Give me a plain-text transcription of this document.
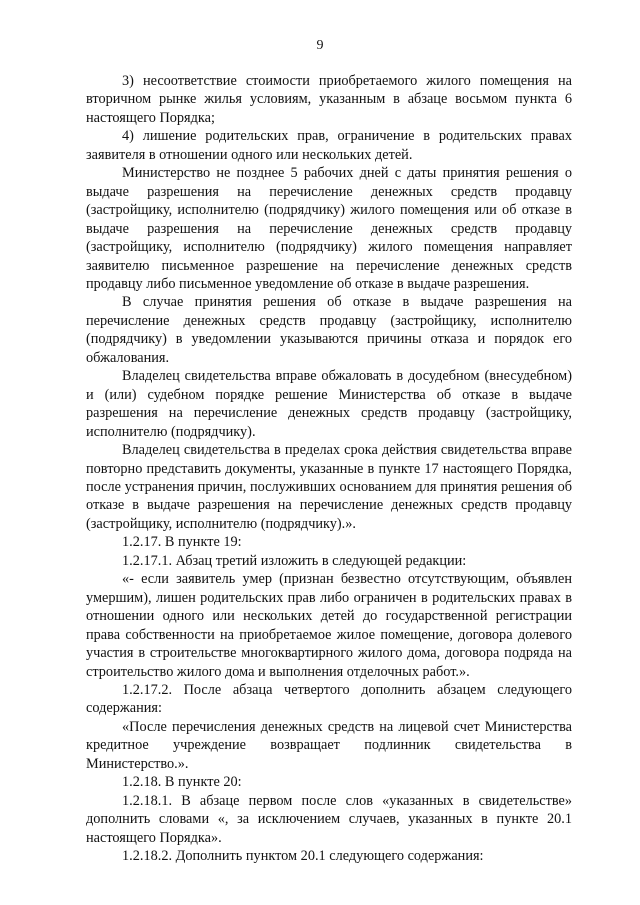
9

3) несоответствие стоимости приобретаемого жилого помещения на вторичном рынке жилья условиям, указанным в абзаце восьмом пункта 6 настоящего Порядка;

4) лишение родительских прав, ограничение в родительских правах заявителя в отношении одного или нескольких детей.

Министерство не позднее 5 рабочих дней с даты принятия решения о выдаче разрешения на перечисление денежных средств продавцу (застройщику, исполнителю (подрядчику) жилого помещения или об отказе в выдаче разрешения на перечисление денежных средств продавцу (застройщику, исполнителю (подрядчику) жилого помещения направляет заявителю письменное разрешение на перечисление денежных средств продавцу либо письменное уведомление об отказе в выдаче разрешения.

В случае принятия решения об отказе в выдаче разрешения на перечисление денежных средств продавцу (застройщику, исполнителю (подрядчику) в уведомлении указываются причины отказа и порядок его обжалования.

Владелец свидетельства вправе обжаловать в досудебном (внесудебном) и (или) судебном порядке решение Министерства об отказе в выдаче разрешения на перечисление денежных средств продавцу (застройщику, исполнителю (подрядчику).

Владелец свидетельства в пределах срока действия свидетельства вправе повторно представить документы, указанные в пункте 17 настоящего Порядка, после устранения причин, послуживших основанием для принятия решения об отказе в выдаче разрешения на перечисление денежных средств продавцу (застройщику, исполнителю (подрядчику).».

1.2.17. В пункте 19:

1.2.17.1. Абзац третий изложить в следующей редакции:

«- если заявитель умер (признан безвестно отсутствующим, объявлен умершим), лишен родительских прав либо ограничен в родительских правах в отношении одного или нескольких детей до государственной регистрации права собственности на приобретаемое жилое помещение, договора долевого участия в строительстве многоквартирного жилого дома, договора подряда на строительство жилого дома и выполнения отделочных работ.».

1.2.17.2. После абзаца четвертого дополнить абзацем следующего содержания:

«После перечисления денежных средств на лицевой счет Министерства кредитное учреждение возвращает подлинник свидетельства в Министерство.».

1.2.18. В пункте 20:

1.2.18.1. В абзаце первом после слов «указанных в свидетельстве» дополнить словами «, за исключением случаев, указанных в пункте 20.1 настоящего Порядка».

1.2.18.2. Дополнить пунктом 20.1 следующего содержания:
